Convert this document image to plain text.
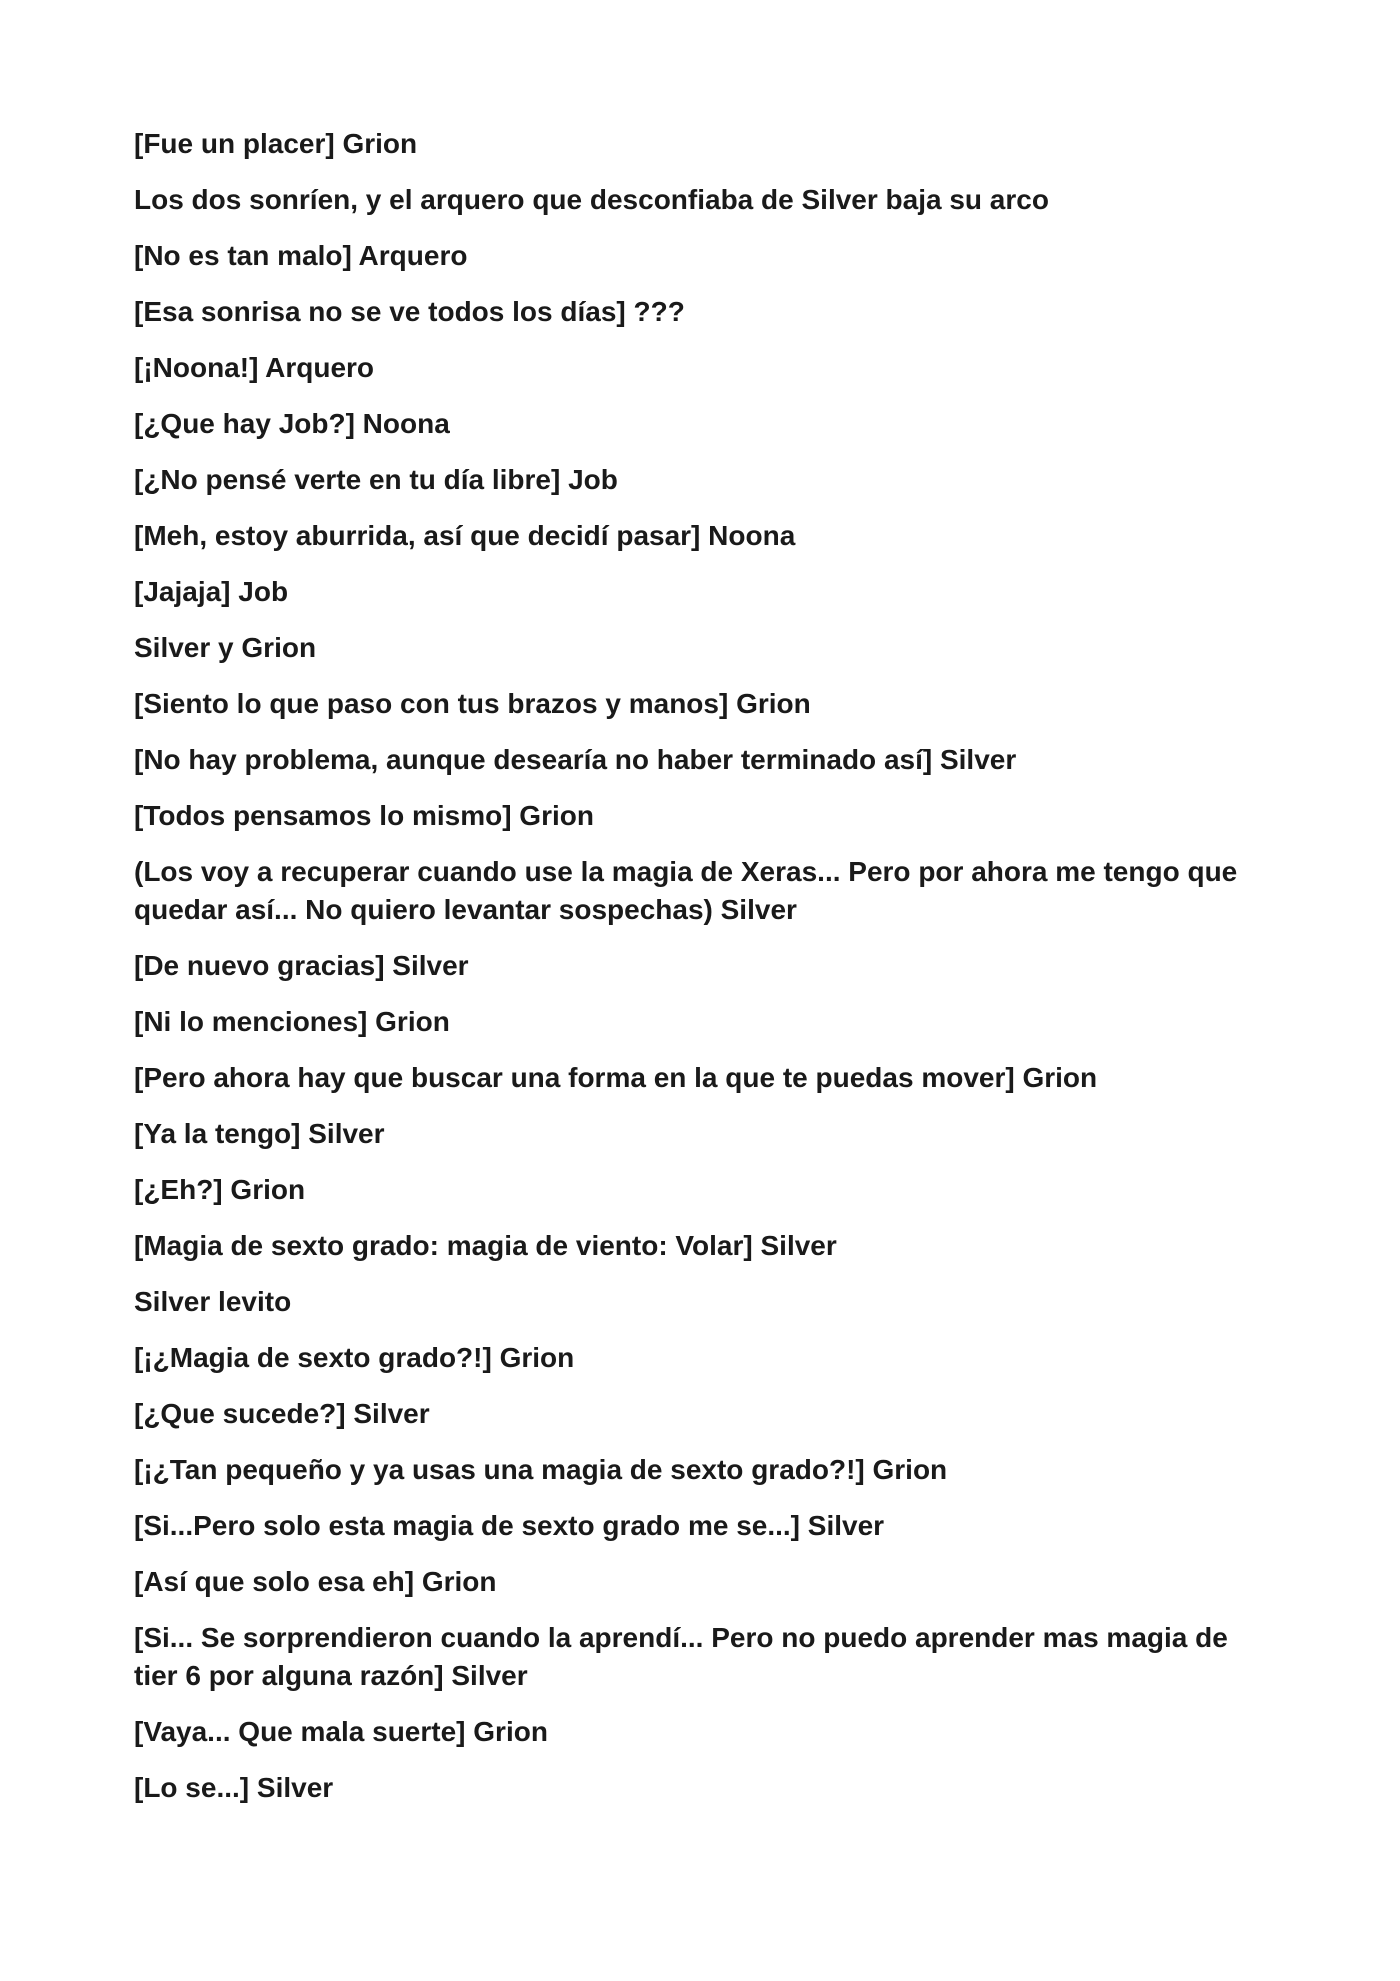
[Fue un placer] Grion

Los dos sonríen, y el arquero que desconfiaba de Silver baja su arco

[No es tan malo] Arquero

[Esa sonrisa no se ve todos los días] ???

[¡Noona!] Arquero

[¿Que hay Job?] Noona

[¿No pensé verte en tu día libre] Job

[Meh, estoy aburrida, así que decidí pasar] Noona

[Jajaja] Job

Silver y Grion

[Siento lo que paso con tus brazos y manos] Grion

[No hay problema, aunque desearía no haber terminado así] Silver

[Todos pensamos lo mismo] Grion

(Los voy a recuperar cuando use la magia de Xeras... Pero por ahora me tengo que quedar así... No quiero levantar sospechas) Silver

[De nuevo gracias] Silver

[Ni lo menciones] Grion

[Pero ahora hay que buscar una forma en la que te puedas mover] Grion

[Ya la tengo] Silver

[¿Eh?] Grion

[Magia de sexto grado: magia de viento: Volar] Silver

Silver levito

[¡¿Magia de sexto grado?!] Grion

[¿Que sucede?] Silver

[¡¿Tan pequeño y ya usas una magia de sexto grado?!] Grion

[Si...Pero solo esta magia de sexto grado me se...] Silver

[Así que solo esa eh] Grion

[Si... Se sorprendieron cuando la aprendí... Pero no puedo aprender mas magia de tier 6 por alguna razón] Silver

[Vaya... Que mala suerte] Grion

[Lo se...] Silver
